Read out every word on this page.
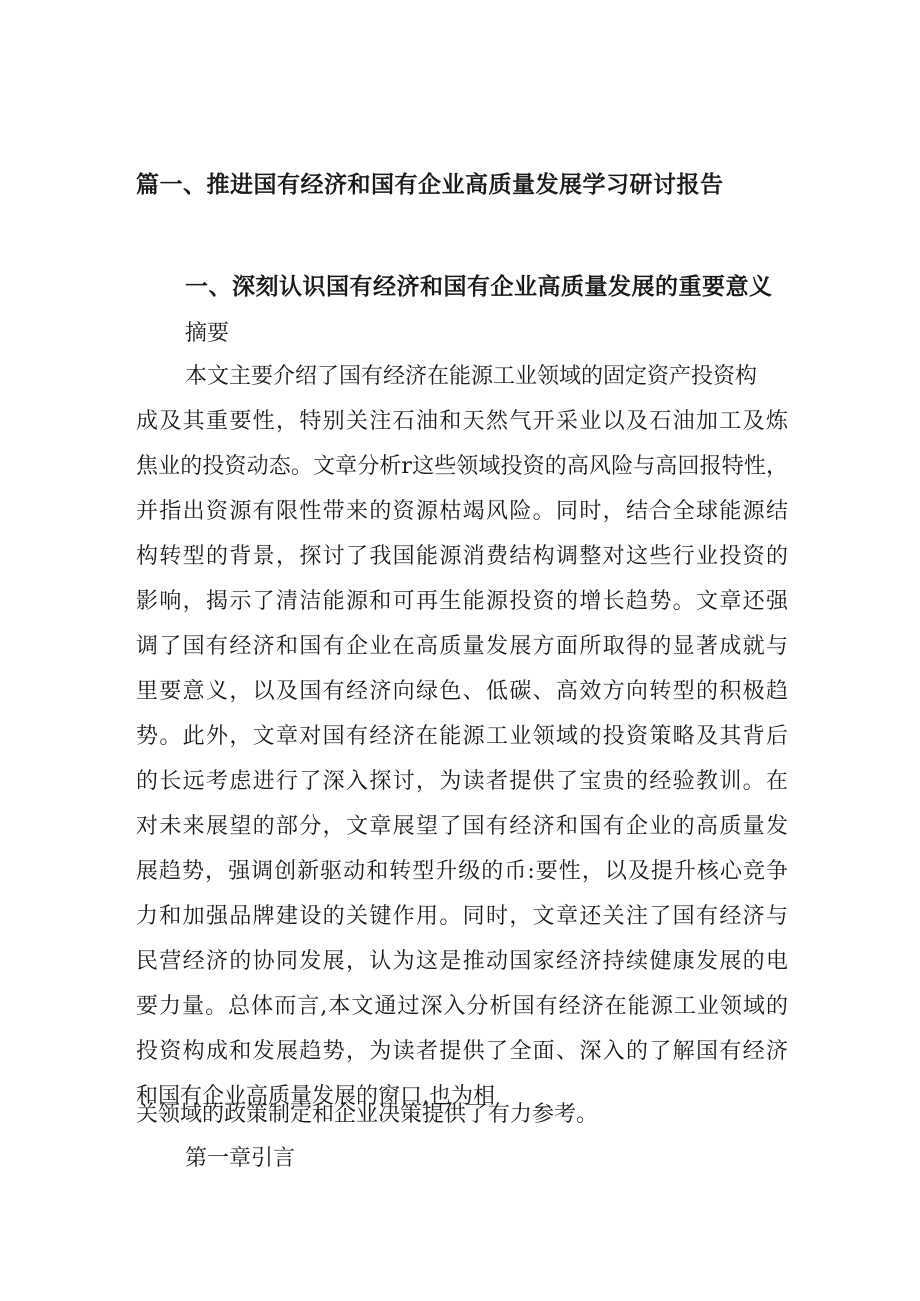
篇一、推进国有经济和国有企业高质量发展学习研讨报告
一、深刻认识国有经济和国有企业高质量发展的重要意义
摘要
本文主要介绍了国有经济在能源工业领域的固定资产投资构
成及其重要性，特别关注石油和天然气开采业以及石油加工及炼
焦业的投资动态。文章分析r这些领域投资的高风险与高回报特性，
并指出资源有限性带来的资源枯竭风险。同时，结合全球能源结
构转型的背景，探讨了我国能源消费结构调整对这些行业投资的
影响，揭示了清洁能源和可再生能源投资的增长趋势。文章还强
调了国有经济和国有企业在高质量发展方面所取得的显著成就与
里要意义，以及国有经济向绿色、低碳、高效方向转型的积极趋
势。此外，文章对国有经济在能源工业领域的投资策略及其背后
的长远考虑进行了深入探讨，为读者提供了宝贵的经验教训。在
对未来展望的部分，文章展望了国有经济和国有企业的高质量发
展趋势，强调创新驱动和转型升级的币:要性，以及提升核心竞争
力和加强品牌建设的关键作用。同时，文章还关注了国有经济与
民营经济的协同发展，认为这是推动国家经济持续健康发展的电
要力量。总体而言,本文通过深入分析国有经济在能源工业领域的
投资构成和发展趋势，为读者提供了全面、深入的了解国有经济
和国有企业高质量发展的窗口,也为相
关领域的政策制定和企业决策提供了有力参考。
第一章引言
